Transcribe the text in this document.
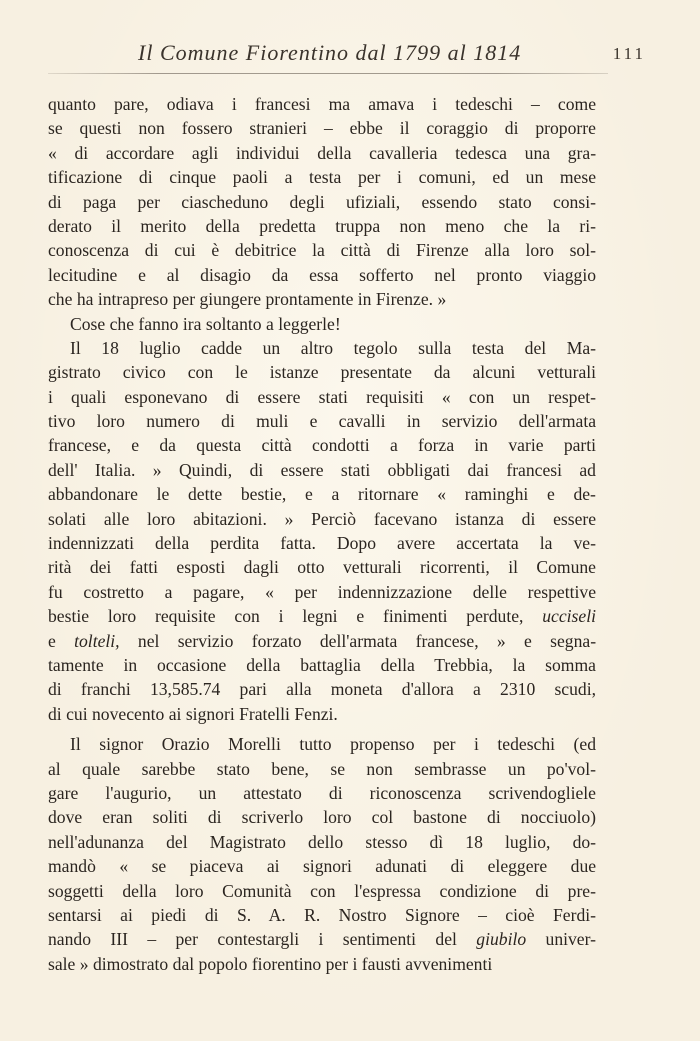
Il Comune Fiorentino dal 1799 al 1814	111
quanto pare, odiava i francesi ma amava i tedeschi – come
se questi non fossero stranieri – ebbe il coraggio di proporre
« di accordare agli individui della cavalleria tedesca una gra-
tificazione di cinque paoli a testa per i comuni, ed un mese
di paga per ciascheduno degli ufiziali, essendo stato consi-
derato il merito della predetta truppa non meno che la ri-
conoscenza di cui è debitrice la città di Firenze alla loro sol-
lecitudine e al disagio da essa sofferto nel pronto viaggio
che ha intrapreso per giungere prontamente in Firenze. »
Cose che fanno ira soltanto a leggerle!
Il 18 luglio cadde un altro tegolo sulla testa del Ma-
gistrato civico con le istanze presentate da alcuni vetturali
i quali esponevano di essere stati requisiti « con un respet-
tivo loro numero di muli e cavalli in servizio dell'armata
francese, e da questa città condotti a forza in varie parti
dell' Italia. » Quindi, di essere stati obbligati dai francesi ad
abbandonare le dette bestie, e a ritornare « raminghi e de-
solati alle loro abitazioni. » Perciò facevano istanza di essere
indennizzati della perdita fatta. Dopo avere accertata la ve-
rità dei fatti esposti dagli otto vetturali ricorrenti, il Comune
fu costretto a pagare, « per indennizzazione delle respettive
bestie loro requisite con i legni e finimenti perdute, ucciseli
e tolteli, nel servizio forzato dell'armata francese, » e segna-
tamente in occasione della battaglia della Trebbia, la somma
di franchi 13,585.74 pari alla moneta d'allora a 2310 scudi,
di cui novecento ai signori Fratelli Fenzi.
Il signor Orazio Morelli tutto propenso per i tedeschi (ed
al quale sarebbe stato bene, se non sembrasse un po'vol-
gare l'augurio, un attestato di riconoscenza scrivendogliele
dove eran soliti di scriverlo loro col bastone di nocciuolo)
nell'adunanza del Magistrato dello stesso dì 18 luglio, do-
mandò « se piaceva ai signori adunati di eleggere due
soggetti della loro Comunità con l'espressa condizione di pre-
sentarsi ai piedi di S. A. R. Nostro Signore – cioè Ferdi-
nando III – per contestargli i sentimenti del giubilo univer-
sale » dimostrato dal popolo fiorentino per i fausti avvenimenti
